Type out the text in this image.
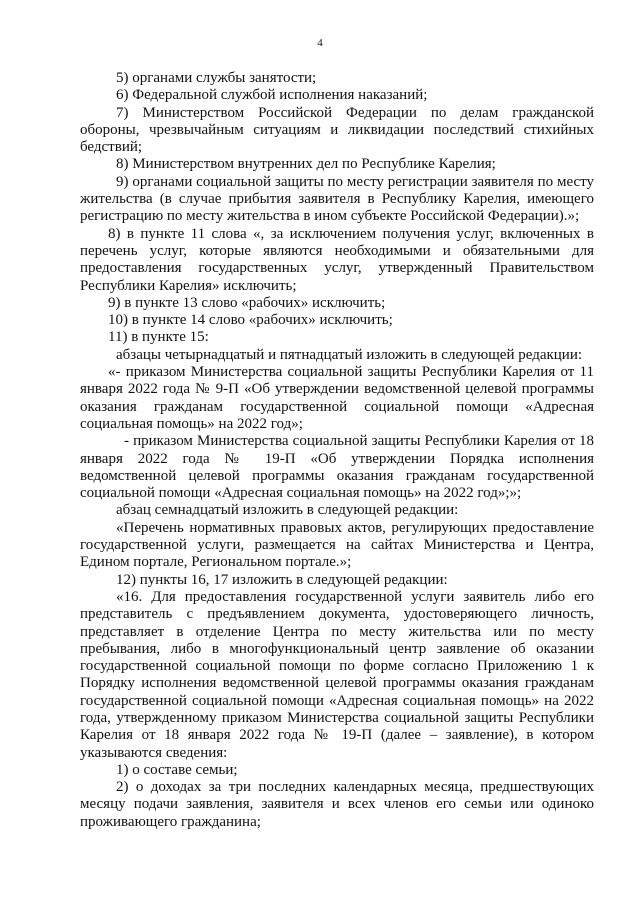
4

5) органами службы занятости;

6) Федеральной службой исполнения наказаний;

7) Министерством Российской Федерации по делам гражданской обороны, чрезвычайным ситуациям и ликвидации последствий стихийных бедствий;

8) Министерством внутренних дел по Республике Карелия;

9) органами социальной защиты по месту регистрации заявителя по месту жительства (в случае прибытия заявителя в Республику Карелия, имеющего регистрацию по месту жительства в ином субъекте Российской Федерации).»;

8) в пункте 11 слова «, за исключением получения услуг, включенных в перечень услуг, которые являются необходимыми и обязательными для предоставления государственных услуг, утвержденный Правительством Республики Карелия» исключить;

9) в пункте 13 слово «рабочих» исключить;

10) в пункте 14 слово «рабочих» исключить;

11) в пункте 15:

абзацы четырнадцатый и пятнадцатый изложить в следующей редакции:

«- приказом Министерства социальной защиты Республики Карелия от 11 января 2022 года № 9-П «Об утверждении ведомственной целевой программы оказания гражданам государственной социальной помощи «Адресная социальная помощь» на 2022 год»;

- приказом Министерства социальной защиты Республики Карелия от 18 января 2022 года № 19-П «Об утверждении Порядка исполнения ведомственной целевой программы оказания гражданам государственной социальной помощи «Адресная социальная помощь» на 2022 год»;»;

абзац семнадцатый изложить в следующей редакции:

«Перечень нормативных правовых актов, регулирующих предоставление государственной услуги, размещается на сайтах Министерства и Центра, Едином портале, Региональном портале.»;

12) пункты 16, 17 изложить в следующей редакции:

«16. Для предоставления государственной услуги заявитель либо его представитель с предъявлением документа, удостоверяющего личность, представляет в отделение Центра по месту жительства или по месту пребывания, либо в многофункциональный центр заявление об оказании государственной социальной помощи по форме согласно Приложению 1 к Порядку исполнения ведомственной целевой программы оказания гражданам государственной социальной помощи «Адресная социальная помощь» на 2022 года, утвержденному приказом Министерства социальной защиты Республики Карелия от 18 января 2022 года № 19-П (далее – заявление), в котором указываются сведения:

1) о составе семьи;

2) о доходах за три последних календарных месяца, предшествующих месяцу подачи заявления, заявителя и всех членов его семьи или одиноко проживающего гражданина;
